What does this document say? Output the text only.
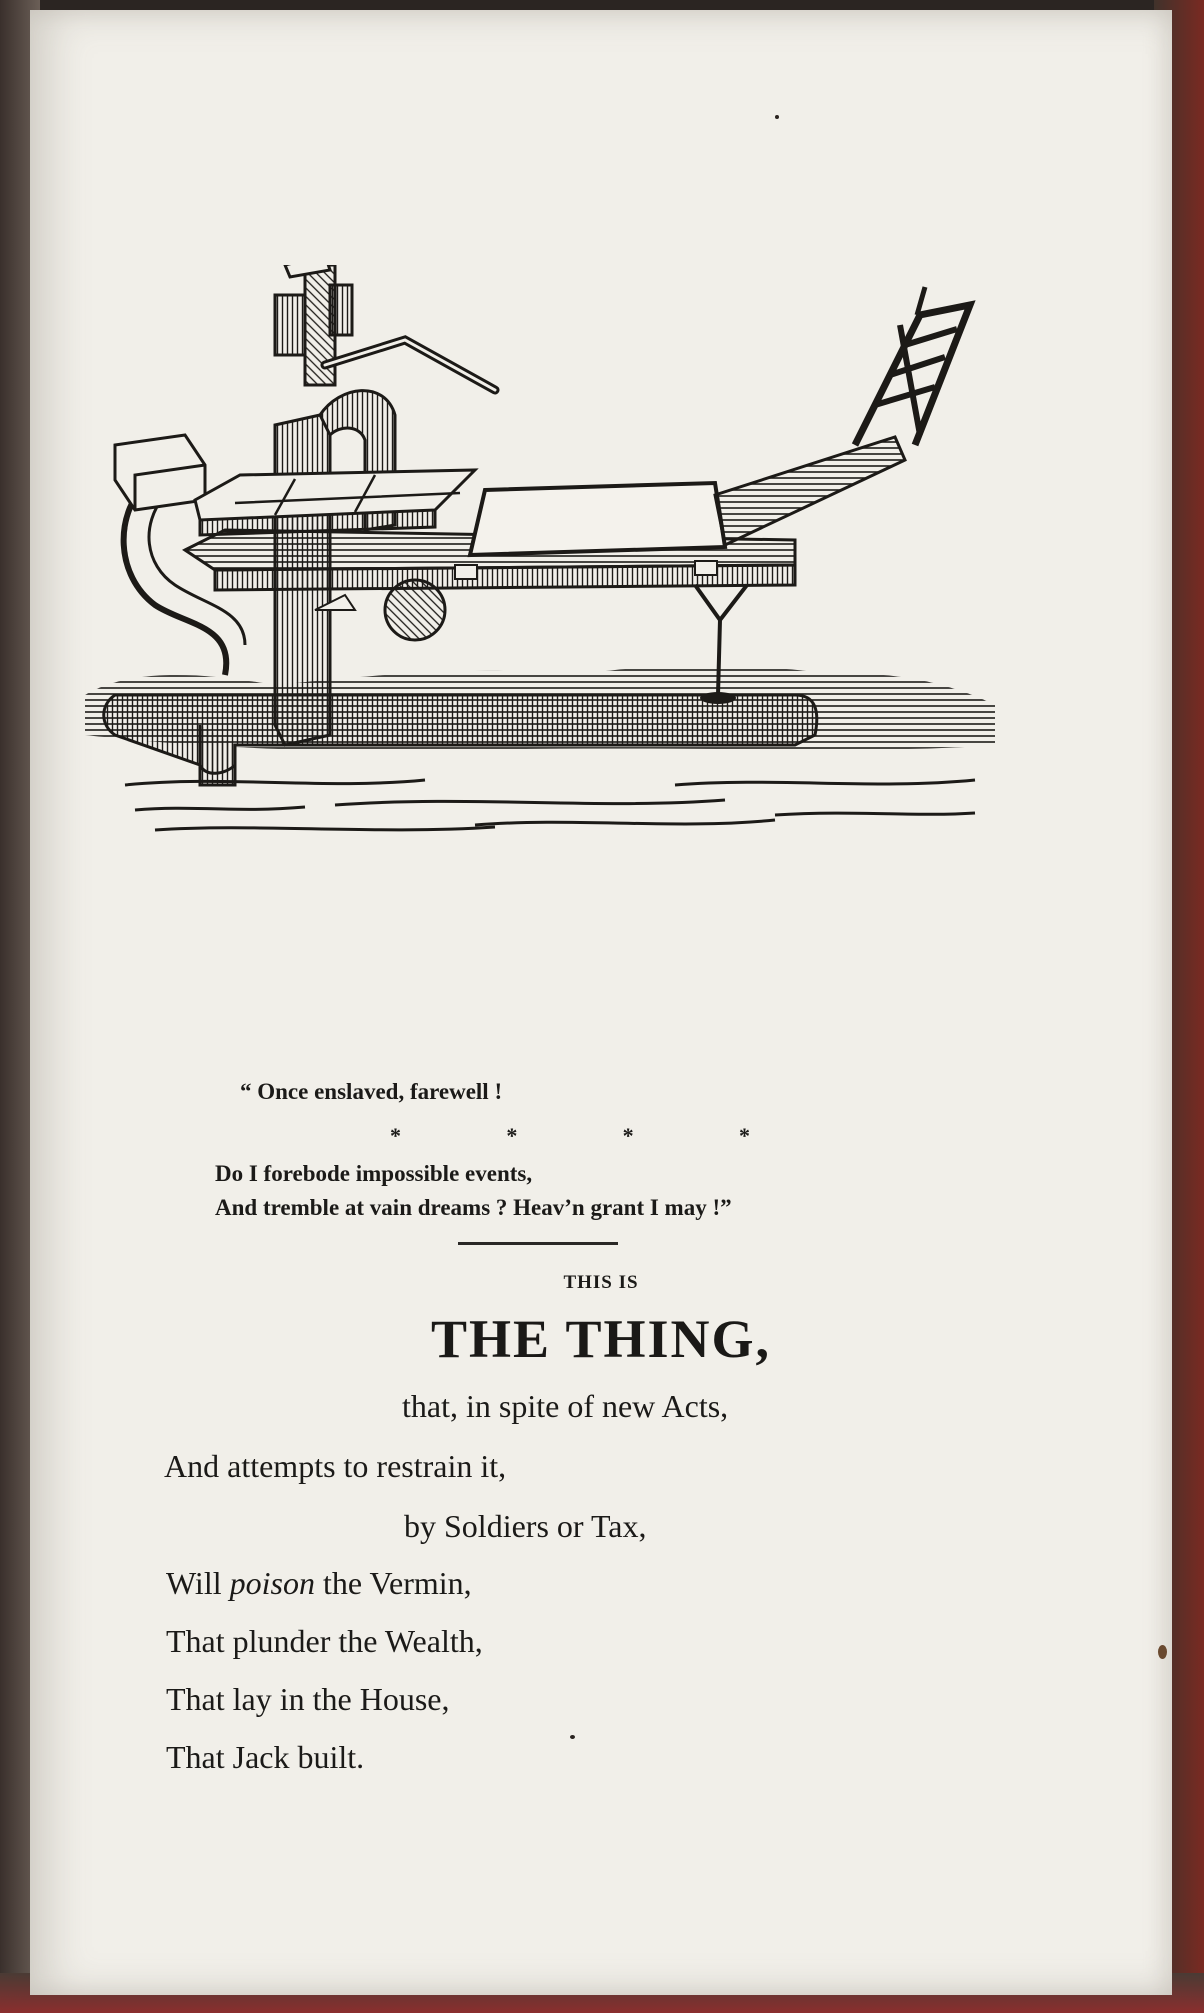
“ Once enslaved, farewell !
*	*	*	*
Do I forebode impossible events,
And tremble at vain dreams ? Heav’n grant I may !”
THIS IS
THE THING,
that, in spite of new Acts,
And attempts to restrain it,
by Soldiers or Tax,
Will poison the Vermin,
That plunder the Wealth,
That lay in the House,
That Jack built.
